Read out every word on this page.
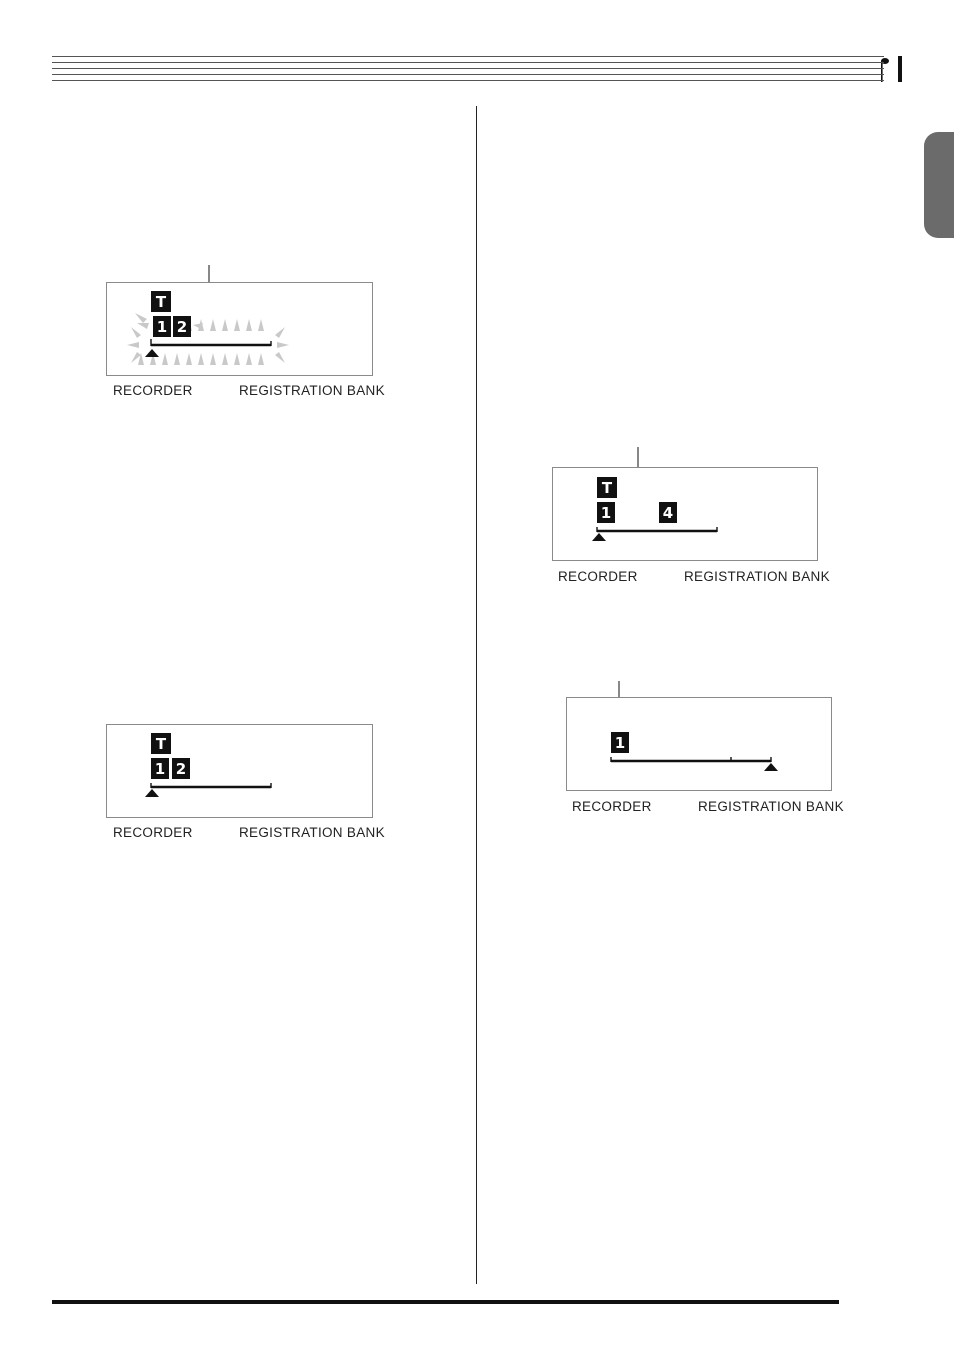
T
1 2
RECORDER	REGISTRATION BANK
T
1 2
RECORDER	REGISTRATION BANK
T
1	4
RECORDER	REGISTRATION BANK
1
RECORDER	REGISTRATION BANK
